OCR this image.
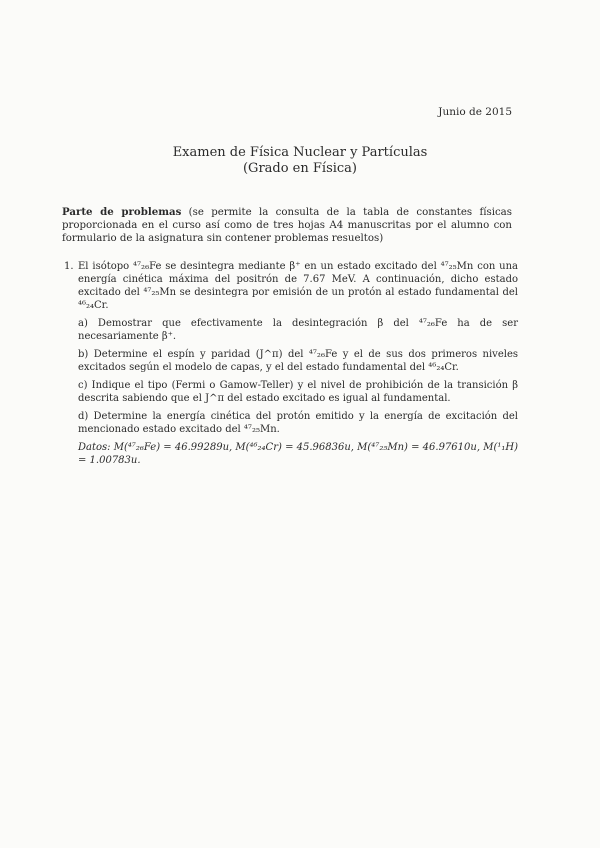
Junio de 2015
Examen de Física Nuclear y Partículas
(Grado en Física)
Parte de problemas (se permite la consulta de la tabla de constantes físicas proporcionada en el curso así como de tres hojas A4 manuscritas por el alumno con formulario de la asignatura sin contener problemas resueltos)
1. El isótopo ⁴⁷₂₆Fe se desintegra mediante β⁺ en un estado excitado del ⁴⁷₂₅Mn con una energía cinética máxima del positrón de 7.67 MeV. A continuación, dicho estado excitado del ⁴⁷₂₅Mn se desintegra por emisión de un protón al estado fundamental del ⁴⁶₂₄Cr.

a) Demostrar que efectivamente la desintegración β del ⁴⁷₂₆Fe ha de ser necesariamente β⁺.

b) Determine el espín y paridad (J^π) del ⁴⁷₂₆Fe y el de sus dos primeros niveles excitados según el modelo de capas, y el del estado fundamental del ⁴⁶₂₄Cr.

c) Indique el tipo (Fermi o Gamow-Teller) y el nivel de prohibición de la transición β descrita sabiendo que el J^π del estado excitado es igual al fundamental.

d) Determine la energía cinética del protón emitido y la energía de excitación del mencionado estado excitado del ⁴⁷₂₅Mn.

Datos: M(⁴⁷₂₆Fe) = 46.99289u, M(⁴⁶₂₄Cr) = 45.96836u, M(⁴⁷₂₅Mn) = 46.97610u, M(¹₁H) = 1.00783u.
